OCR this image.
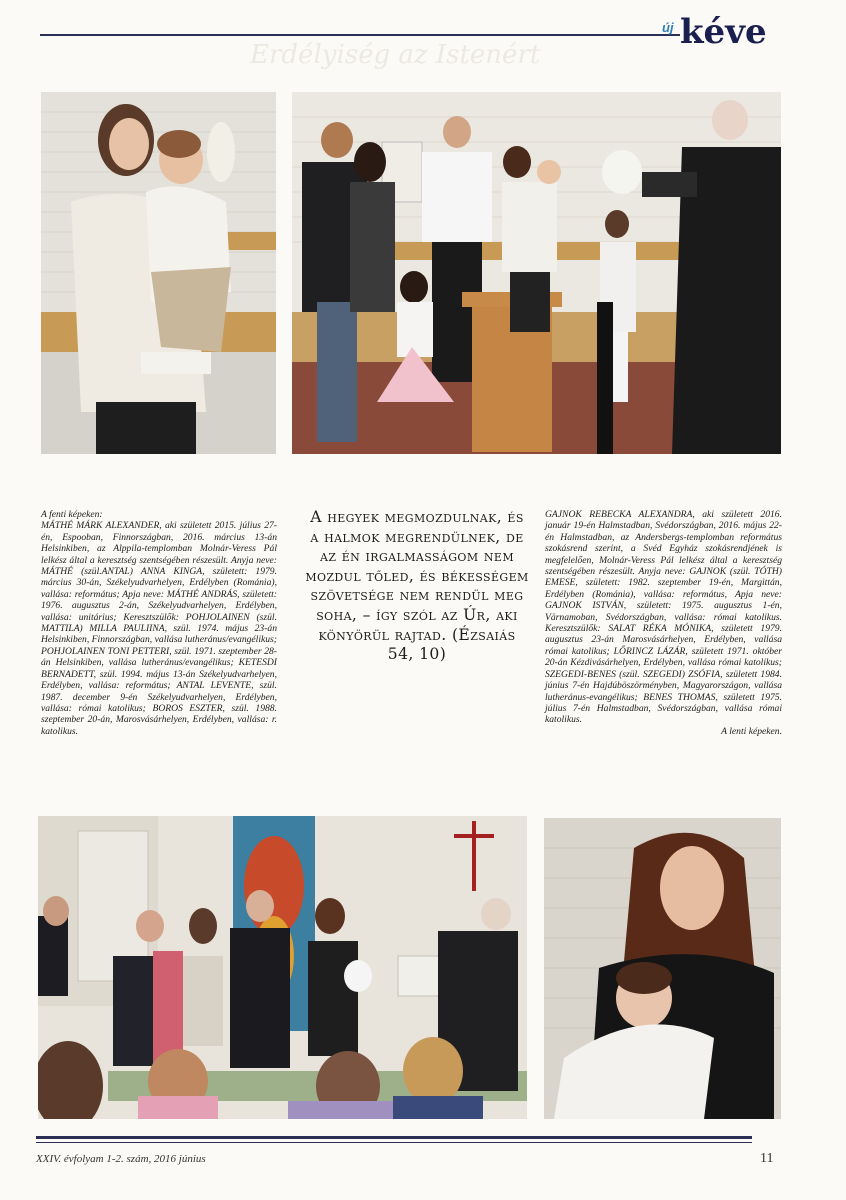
Erdélyiség az Istenért
új kéve

A fenti képeken:

MÁTHÉ MÁRK ALEXANDER, aki született 2015. július 27-én, Espooban, Finnországban, 2016. március 13-án Helsinkiben, az Alppila-templomban Molnár-Veress Pál lelkész által a keresztség szentségében részesült. Anyja neve: MÁTHÉ (szül.ANTAL) ANNA KINGA, született: 1979. március 30-án, Székelyudvarhelyen, Erdélyben (Románia), vallása: református; Apja neve: MÁTHÉ ANDRÁS, született: 1976. augusztus 2-án, Székelyudvarhelyen, Erdélyben, vallása: unitárius; Keresztszülők: POHJOLAINEN (szül. MATTILA) MILLA PAULIINA, szül. 1974. május 23-án Helsinkiben, Finnországban, vallása lutheránus/evangélikus; POHJOLAINEN TONI PETTERI, szül. 1971. szeptember 28-án Helsinkiben, vallása lutheránus/evangélikus; KETESDI BERNADETT, szül. 1994. május 13-án Székelyudvarhelyen, Erdélyben, vallása: református; ANTAL LEVENTE, szül. 1987. december 9-én Székelyudvarhelyen, Erdélyben, vallása: római katolikus; BOROS ESZTER, szül. 1988. szeptember 20-án, Marosvásárhelyen, Erdélyben, vallása: r. katolikus.

A hegyek megmozdulnak, és a halmok megrendülnek, de az én irgalmasságom nem mozdul tőled, és békességem szövetsége nem rendül meg soha, – így szól az Úr, aki könyörül rajtad. (Ézsaiás 54, 10)

GAJNOK REBECKA ALEXANDRA, aki született 2016. január 19-én Halmstadban, Svédországban, 2016. május 22-én Halmstadban, az Andersbergs-templomban református szokásrend szerint, a Svéd Egyház szokásrendjének is megfelelően, Molnár-Veress Pál lelkész által a keresztség szentségében részesült. Anyja neve: GAJNOK (szül. TÓTH) EMESE, született: 1982. szeptember 19-én, Margittán, Erdélyben (Románia), vallása: református, Apja neve: GAJNOK ISTVÁN, született: 1975. augusztus 1-én, Värnamoban, Svédországban, vallása: római katolikus. Keresztszülők: SALAT RÉKA MÓNIKA, született 1979. augusztus 23-án Marosvásárhelyen, Erdélyben, vallása római katolikus; LŐRINCZ LÁZÁR, született 1971. október 20-án Kézdivásárhelyen, Erdélyben, vallása római katolikus; SZEGEDI-BENES (szül. SZEGEDI) ZSÓFIA, született 1984. június 7-én Hajdúböszörményben, Magyarországon, vallása lutheránus-evangélikus; BENES THOMAS, született 1975. július 7-én Halmstadban, Svédországban, vallása római katolikus.

A lenti képeken.

XXIV. évfolyam 1-2. szám, 2016 június	11
